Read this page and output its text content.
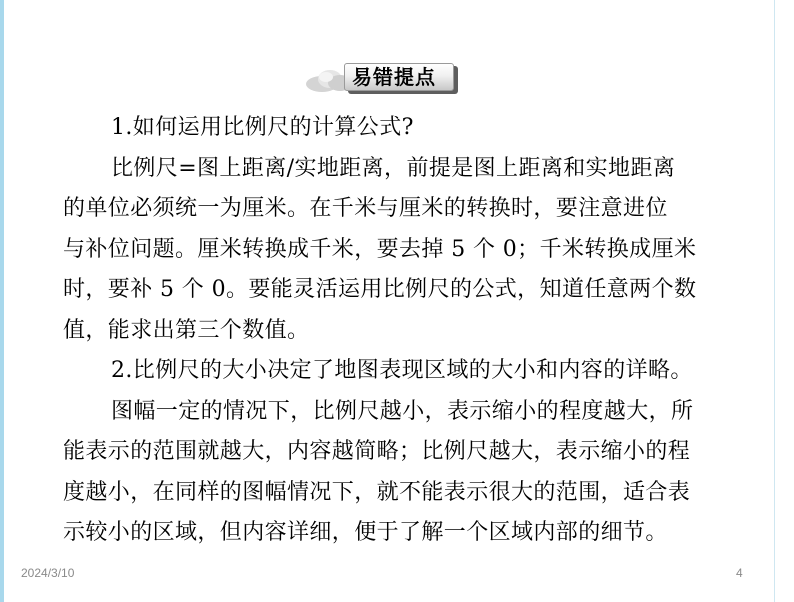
易错提点

1.如何运用比例尺的计算公式?

比例尺=图上距离/实地距离，前提是图上距离和实地距离

的单位必须统一为厘米。在千米与厘米的转换时，要注意进位

与补位问题。厘米转换成千米，要去掉 5 个 0；千米转换成厘米

时，要补 5 个 0。要能灵活运用比例尺的公式，知道任意两个数

值，能求出第三个数值。

2.比例尺的大小决定了地图表现区域的大小和内容的详略。

图幅一定的情况下，比例尺越小，表示缩小的程度越大，所

能表示的范围就越大，内容越简略；比例尺越大，表示缩小的程

度越小，在同样的图幅情况下，就不能表示很大的范围，适合表

示较小的区域，但内容详细，便于了解一个区域内部的细节。

2024/3/10	4
